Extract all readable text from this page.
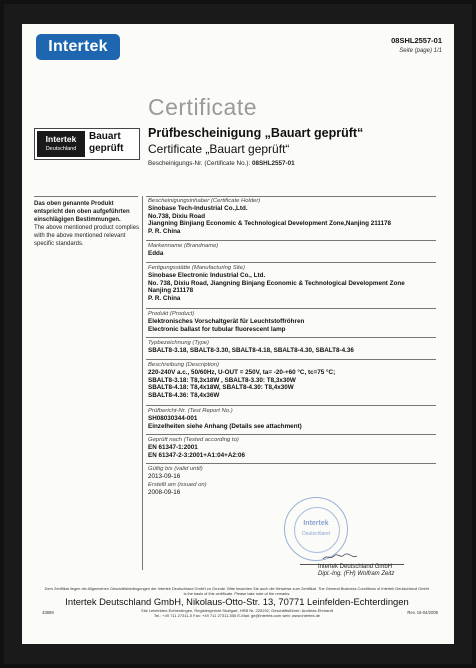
Intertek	08SHL2557-01
Seite (page) 1/1
Certificate
Intertek
Deutschland
Bauart
geprüft
Prüfbescheinigung „Bauart geprüft“
Certificate „Bauart geprüft“
Bescheinigungs-Nr. (Certificate No.): 08SHL2557-01
Das oben genannte Produkt entspricht den oben aufgeführten einschlägigen Bestimmungen.
The above mentioned product complies with the above mentioned relevant specific standards.
Bescheinigungsinhaber (Certificate Holder)
Sinobase Tech-Industrial Co.,Ltd.
No.738, Dixiu Road
Jiangning Binjiang Economic & Technological Development Zone,Nanjing 211178
P. R. China
Markenname (Brandname)
Edda
Fertigungsstätte (Manufacturing Site)
Sinobase Electronic Industrial Co., Ltd.
No. 738, Dixiu Road, Jiangning Binjang Economic & Technological Development Zone
Nanjing 211178
P. R. China
Produkt (Product)
Elektronisches Vorschaltgerät für Leuchtstoffröhren
Electronic ballast for tubular fluorescent lamp
Typbezeichnung (Type)
SBALT8-3.18, SBALT8-3.30, SBALT8-4.18, SBALT8-4.30, SBALT8-4.36
Beschreibung (Description)
220-240V a.c., 50/60Hz, U-OUT = 250V, ta= -20-+60 °C, tc=75 °C;
SBALT8-3.18: T8,3x18W , SBALT8-3.30: T8,3x30W
SBALT8-4.18: T8,4x18W, SBALT8-4.30: T8,4x30W
SBALT8-4.36: T8,4x36W
Prüfbericht-Nr. (Test Report No.)
SH08030344-001
Einzelheiten siehe Anhang (Details see attachment)
Geprüft nach (Tested according to)
EN 61347-1:2001
EN 61347-2-3:2001+A1:04+A2:06
Gültig bis (valid until)
2013-09-16
Erstellt am (issued on)
2008-09-16
Intertek
Deutschland
Intertek Deutschland GmbH
Dipl.-Ing. (FH) Wolfram Zeitz
Dem Zertifikat liegen die Allgemeinen Geschäftsbedingungen der Intertek Deutschland GmbH zu Grunde. Bitte beachten Sie auch die Hinweise zum Zertifikat. The General Business Conditions of Intertek Deutschland GmbH is the basis of this certificate. Please take note of the remarks.
Intertek Deutschland GmbH, Nikolaus-Otto-Str. 13, 70771 Leinfelden-Echterdingen
Sitz Leinfelden-Echterdingen, Registergericht Stuttgart, HRB Nr. 225292, Geschäftsführer: Andreas Ehrhardt
Tel.: +49 711 27311-0 Fax: +49 711 27311-555 E-Mail: ge@intertek.com web: www.intertek.de
43869	Rev. 16-04/2008
